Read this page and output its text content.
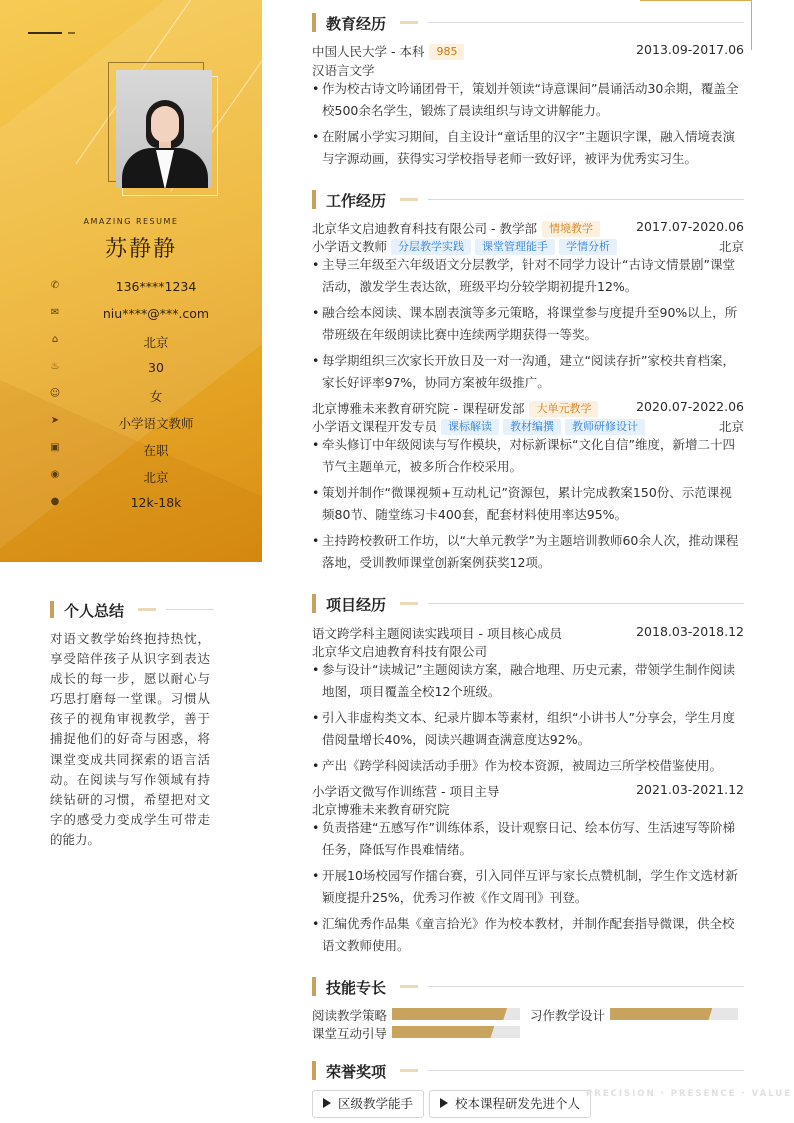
AMAZING RESUME
苏静静
✆	136****1234
✉	niu****@***.com
⌂	北京
♨	30
☺	女
➤	小学语文教师
▣	在职
◉	北京
●	12k-18k
个人总结
对语文教学始终抱持热忱，享受陪伴孩子从识字到表达成长的每一步，愿以耐心与巧思打磨每一堂课。习惯从孩子的视角审视教学，善于捕捉他们的好奇与困惑，将课堂变成共同探索的语言活动。在阅读与写作领域有持续钻研的习惯，希望把对文字的感受力变成学生可带走的能力。
教育经历
中国人民大学 - 本科 985	2013.09-2017.06
汉语言文学
• 作为校古诗文吟诵团骨干，策划并领读“诗意课间”晨诵活动30余期，覆盖全校500余名学生，锻炼了晨读组织与诗文讲解能力。
• 在附属小学实习期间，自主设计“童话里的汉字”主题识字课，融入情境表演与字源动画，获得实习学校指导老师一致好评，被评为优秀实习生。
工作经历
北京华文启迪教育科技有限公司 - 教学部 情境教学	2017.07-2020.06
小学语文教师 分层教学实践 课堂管理能手 学情分析	北京
• 主导三年级至六年级语文分层教学，针对不同学力设计“古诗文情景剧”课堂活动，激发学生表达欲，班级平均分较学期初提升12%。
• 融合绘本阅读、课本剧表演等多元策略，将课堂参与度提升至90%以上，所带班级在年级朗读比赛中连续两学期获得一等奖。
• 每学期组织三次家长开放日及一对一沟通，建立“阅读存折”家校共育档案，家长好评率97%，协同方案被年级推广。
北京博雅未来教育研究院 - 课程研发部 大单元教学	2020.07-2022.06
小学语文课程开发专员 课标解读 教材编撰 教师研修设计	北京
• 牵头修订中年级阅读与写作模块，对标新课标“文化自信”维度，新增二十四节气主题单元，被多所合作校采用。
• 策划并制作“微课视频+互动札记”资源包，累计完成教案150份、示范课视频80节、随堂练习卡400套，配套材料使用率达95%。
• 主持跨校教研工作坊，以“大单元教学”为主题培训教师60余人次，推动课程落地，受训教师课堂创新案例获奖12项。
项目经历
语文跨学科主题阅读实践项目 - 项目核心成员	2018.03-2018.12
北京华文启迪教育科技有限公司
• 参与设计“读城记”主题阅读方案，融合地理、历史元素，带领学生制作阅读地图，项目覆盖全校12个班级。
• 引入非虚构类文本、纪录片脚本等素材，组织“小讲书人”分享会，学生月度借阅量增长40%，阅读兴趣调查满意度达92%。
• 产出《跨学科阅读活动手册》作为校本资源，被周边三所学校借鉴使用。
小学语文微写作训练营 - 项目主导	2021.03-2021.12
北京博雅未来教育研究院
• 负责搭建“五感写作”训练体系，设计观察日记、绘本仿写、生活速写等阶梯任务，降低写作畏难情绪。
• 开展10场校园写作擂台赛，引入同伴互评与家长点赞机制，学生作文选材新颖度提升25%，优秀习作被《作文周刊》刊登。
• 汇编优秀作品集《童言拾光》作为校本教材，并制作配套指导微课，供全校语文教师使用。
技能专长
阅读教学策略	习作教学设计
课堂互动引导
荣誉奖项
区级教学能手	校本课程研发先进个人
PRECISION · PRESENCE · VALUE
